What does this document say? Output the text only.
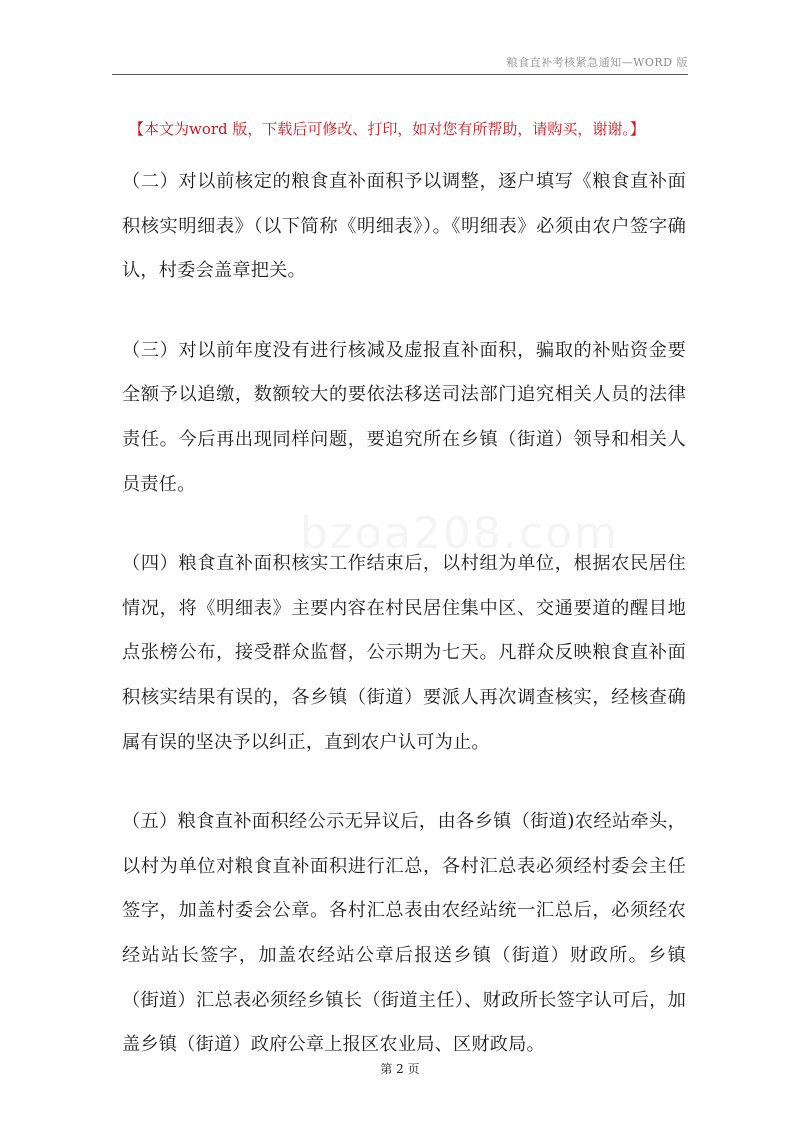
粮食直补考核紧急通知—WORD 版
【本文为word 版，下载后可修改、打印，如对您有所帮助，请购买，谢谢。】

（二）对以前核定的粮食直补面积予以调整，逐户填写《粮食直补面积核实明细表》（以下简称《明细表》）。《明细表》必须由农户签字确认，村委会盖章把关。

（三）对以前年度没有进行核减及虚报直补面积，骗取的补贴资金要全额予以追缴，数额较大的要依法移送司法部门追究相关人员的法律责任。今后再出现同样问题，要追究所在乡镇（街道）领导和相关人员责任。

（四）粮食直补面积核实工作结束后，以村组为单位，根据农民居住情况，将《明细表》主要内容在村民居住集中区、交通要道的醒目地点张榜公布，接受群众监督，公示期为七天。凡群众反映粮食直补面积核实结果有误的，各乡镇（街道）要派人再次调查核实，经核查确属有误的坚决予以纠正，直到农户认可为止。

（五）粮食直补面积经公示无异议后，由各乡镇（街道)农经站牵头，以村为单位对粮食直补面积进行汇总，各村汇总表必须经村委会主任签字，加盖村委会公章。各村汇总表由农经站统一汇总后，必须经农经站站长签字，加盖农经站公章后报送乡镇（街道）财政所。乡镇（街道）汇总表必须经乡镇长（街道主任）、财政所长签字认可后，加盖乡镇（街道）政府公章上报区农业局、区财政局。

第 2 页
